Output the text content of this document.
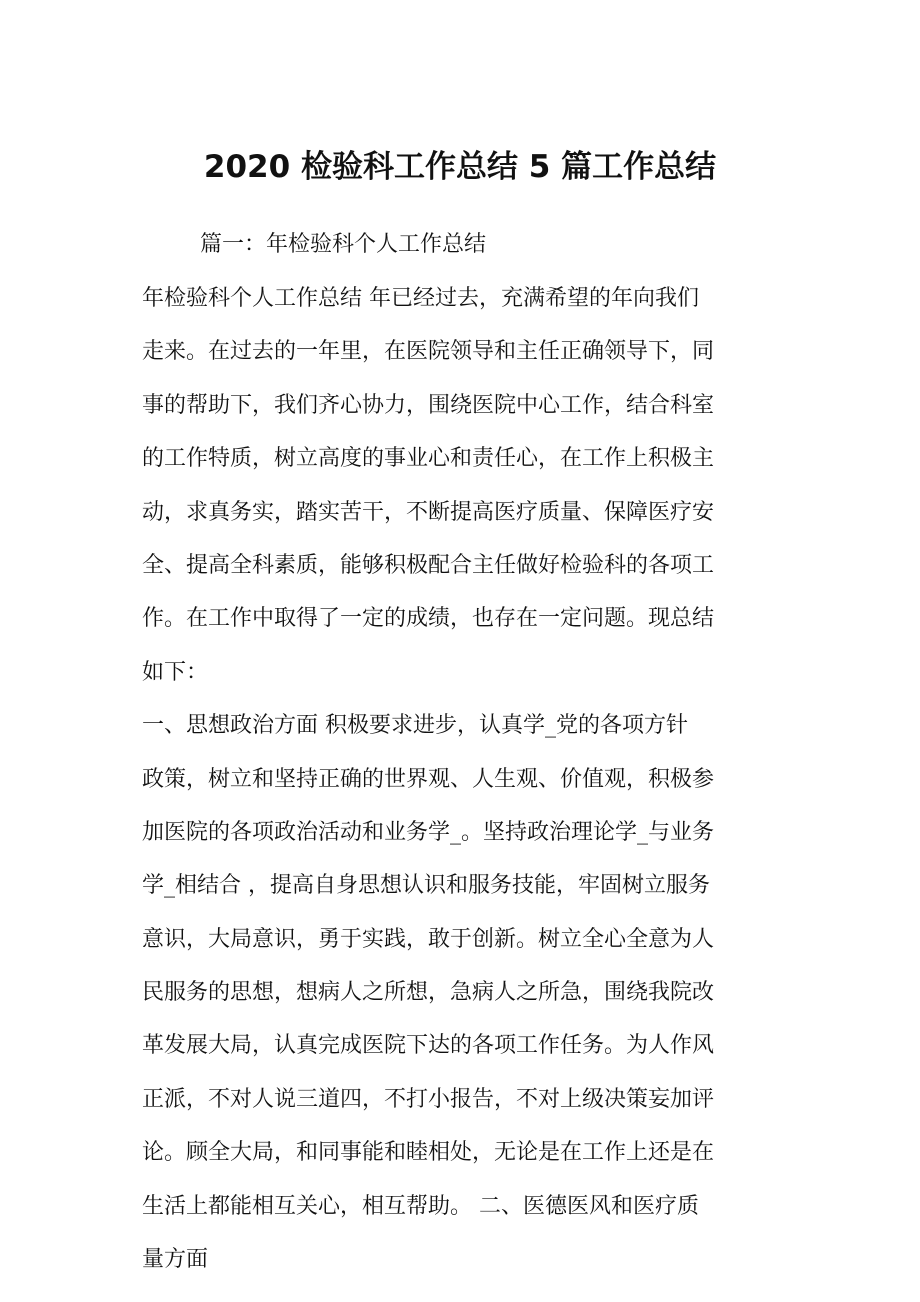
2020 检验科工作总结 5 篇工作总结
篇一：年检验科个人工作总结
年检验科个人工作总结 年已经过去，充满希望的年向我们
走来。在过去的一年里，在医院领导和主任正确领导下，同
事的帮助下，我们齐心协力，围绕医院中心工作，结合科室
的工作特质，树立高度的事业心和责任心，在工作上积极主
动，求真务实，踏实苦干，不断提高医疗质量、保障医疗安
全、提高全科素质，能够积极配合主任做好检验科的各项工
作。在工作中取得了一定的成绩，也存在一定问题。现总结
如下：
一、思想政治方面 积极要求进步，认真学_党的各项方针
政策，树立和坚持正确的世界观、人生观、价值观，积极参
加医院的各项政治活动和业务学_。坚持政治理论学_与业务
学_相结合 ，提高自身思想认识和服务技能，牢固树立服务
意识，大局意识，勇于实践，敢于创新。树立全心全意为人
民服务的思想，想病人之所想，急病人之所急，围绕我院改
革发展大局，认真完成医院下达的各项工作任务。为人作风
正派，不对人说三道四，不打小报告，不对上级决策妄加评
论。顾全大局，和同事能和睦相处，无论是在工作上还是在
生活上都能相互关心，相互帮助。 二、医德医风和医疗质
量方面
